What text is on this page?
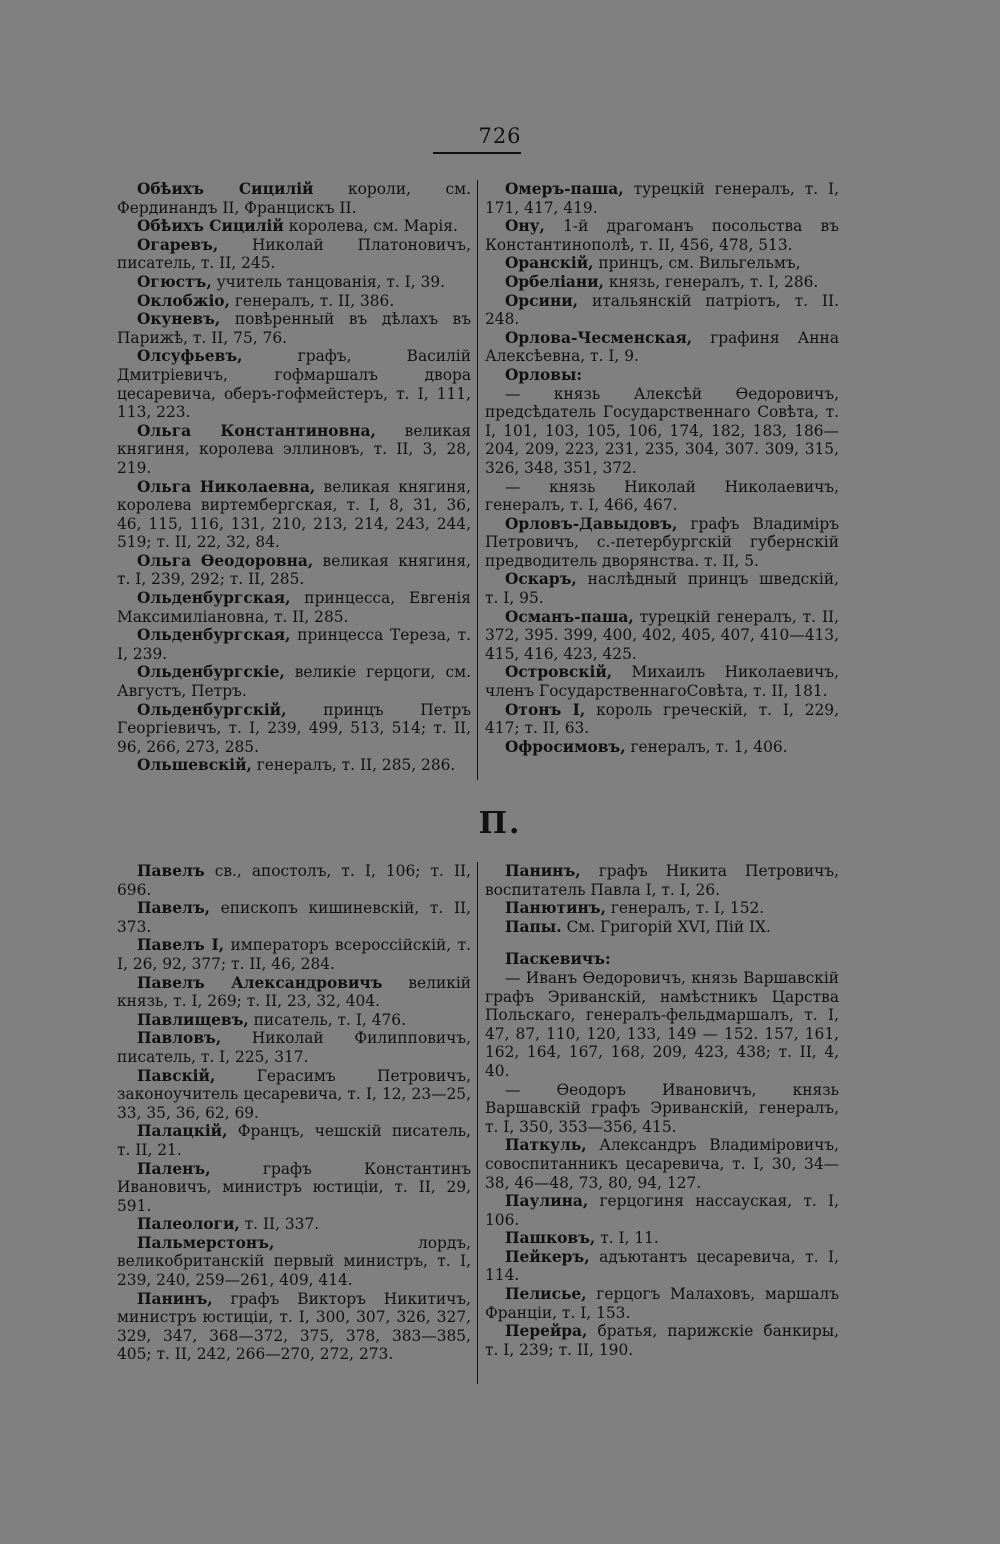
726

Обѣихъ Сицилій короли, см. Фердинандъ II, Францискъ II.

Обѣихъ Сицилій королева, см. Марія.

Огаревъ, Николай Платоновичъ, писатель, т. II, 245.

Огюстъ, учитель танцованія, т. I, 39.

Оклобжіо, генералъ, т. II, 386.

Окуневъ, повѣренный въ дѣлахъ въ Парижѣ, т. II, 75, 76.

Олсуфьевъ, графъ, Василій Дмитріевичъ, гофмаршалъ двора цесаревича, оберъ-гофмейстеръ, т. I, 111, 113, 223.

Ольга Константиновна, великая княгиня, королева эллиновъ, т. II, 3, 28, 219.

Ольга Николаевна, великая княгиня, королева виртембергская, т. I, 8, 31, 36, 46, 115, 116, 131, 210, 213, 214, 243, 244, 519; т. II, 22, 32, 84.

Ольга Ѳеодоровна, великая княгиня, т. I, 239, 292; т. II, 285.

Ольденбургская, принцесса, Евгенія Максимиліановна, т. II, 285.

Ольденбургская, принцесса Тереза, т. I, 239.

Ольденбургскіе, великіе герцоги, см. Августъ, Петръ.

Ольденбургскій, принцъ Петръ Георгіевичъ, т. I, 239, 499, 513, 514; т. II, 96, 266, 273, 285.

Ольшевскій, генералъ, т. II, 285, 286.

Омеръ-паша, турецкій генералъ, т. I, 171, 417, 419.

Ону, 1-й драгоманъ посольства въ Константинополѣ, т. II, 456, 478, 513.

Оранскій, принцъ, см. Вильгельмъ,

Орбеліани, князь, генералъ, т. I, 286.

Орсини, итальянскій патріотъ, т. II. 248.

Орлова-Чесменская, графиня Анна Алексѣевна, т. I, 9.

Орловы:

— князь Алексѣй Ѳедоровичъ, предсѣдатель Государственнаго Совѣта, т. I, 101, 103, 105, 106, 174, 182, 183, 186—204, 209, 223, 231, 235, 304, 307. 309, 315, 326, 348, 351, 372.

— князь Николай Николаевичъ, генералъ, т. I, 466, 467.

Орловъ-Давыдовъ, графъ Владиміръ Петровичъ, с.-петербургскій губернскій предводитель дворянства. т. II, 5.

Оскаръ, наслѣдный принцъ шведскій, т. I, 95.

Османъ-паша, турецкій генералъ, т. II, 372, 395. 399, 400, 402, 405, 407, 410—413, 415, 416, 423, 425.

Островскій, Михаилъ Николаевичъ, членъ ГосударственнагоСовѣта, т. II, 181.

Отонъ I, король греческій, т. I, 229, 417; т. II, 63.

Офросимовъ, генералъ, т. 1, 406.

П.

Павелъ св., апостолъ, т. I, 106; т. II, 696.

Павелъ, епископъ кишиневскій, т. II, 373.

Павелъ I, императоръ всероссійскій, т. I, 26, 92, 377; т. II, 46, 284.

Павелъ Александровичъ великій князь, т. I, 269; т. II, 23, 32, 404.

Павлищевъ, писатель, т. I, 476.

Павловъ, Николай Филипповичъ, писатель, т. I, 225, 317.

Павскій, Герасимъ Петровичъ, законоучитель цесаревича, т. I, 12, 23—25, 33, 35, 36, 62, 69.

Палацкій, Францъ, чешскій писатель, т. II, 21.

Паленъ, графъ Константинъ Ивановичъ, министръ юстиціи, т. II, 29, 591.

Палеологи, т. II, 337.

Пальмерстонъ, лордъ, великобританскій первый министръ, т. I, 239, 240, 259—261, 409, 414.

Панинъ, графъ Викторъ Никитичъ, министръ юстиціи, т. I, 300, 307, 326, 327, 329, 347, 368—372, 375, 378, 383—385, 405; т. II, 242, 266—270, 272, 273.

Панинъ, графъ Никита Петровичъ, воспитатель Павла I, т. I, 26.

Панютинъ, генералъ, т. I, 152.

Папы. См. Григорій XVI, Пій IX.

Паскевичъ:

— Иванъ Ѳедоровичъ, князь Варшавскій графъ Эриванскій, намѣстникъ Царства Польскаго, генералъ-фельдмаршалъ, т. I, 47, 87, 110, 120, 133, 149 — 152. 157, 161, 162, 164, 167, 168, 209, 423, 438; т. II, 4, 40.

— Ѳеодоръ Ивановичъ, князь Варшавскій графъ Эриванскій, генералъ, т. I, 350, 353—356, 415.

Паткуль, Александръ Владиміровичъ, совоспитанникъ цесаревича, т. I, 30, 34—38, 46—48, 73, 80, 94, 127.

Паулина, герцогиня нассауская, т. I, 106.

Пашковъ, т. I, 11.

Пейкеръ, адъютантъ цесаревича, т. I, 114.

Пелисье, герцогъ Малаховъ, маршалъ Франціи, т. I, 153.

Перейра, братья, парижскіе банкиры, т. I, 239; т. II, 190.
